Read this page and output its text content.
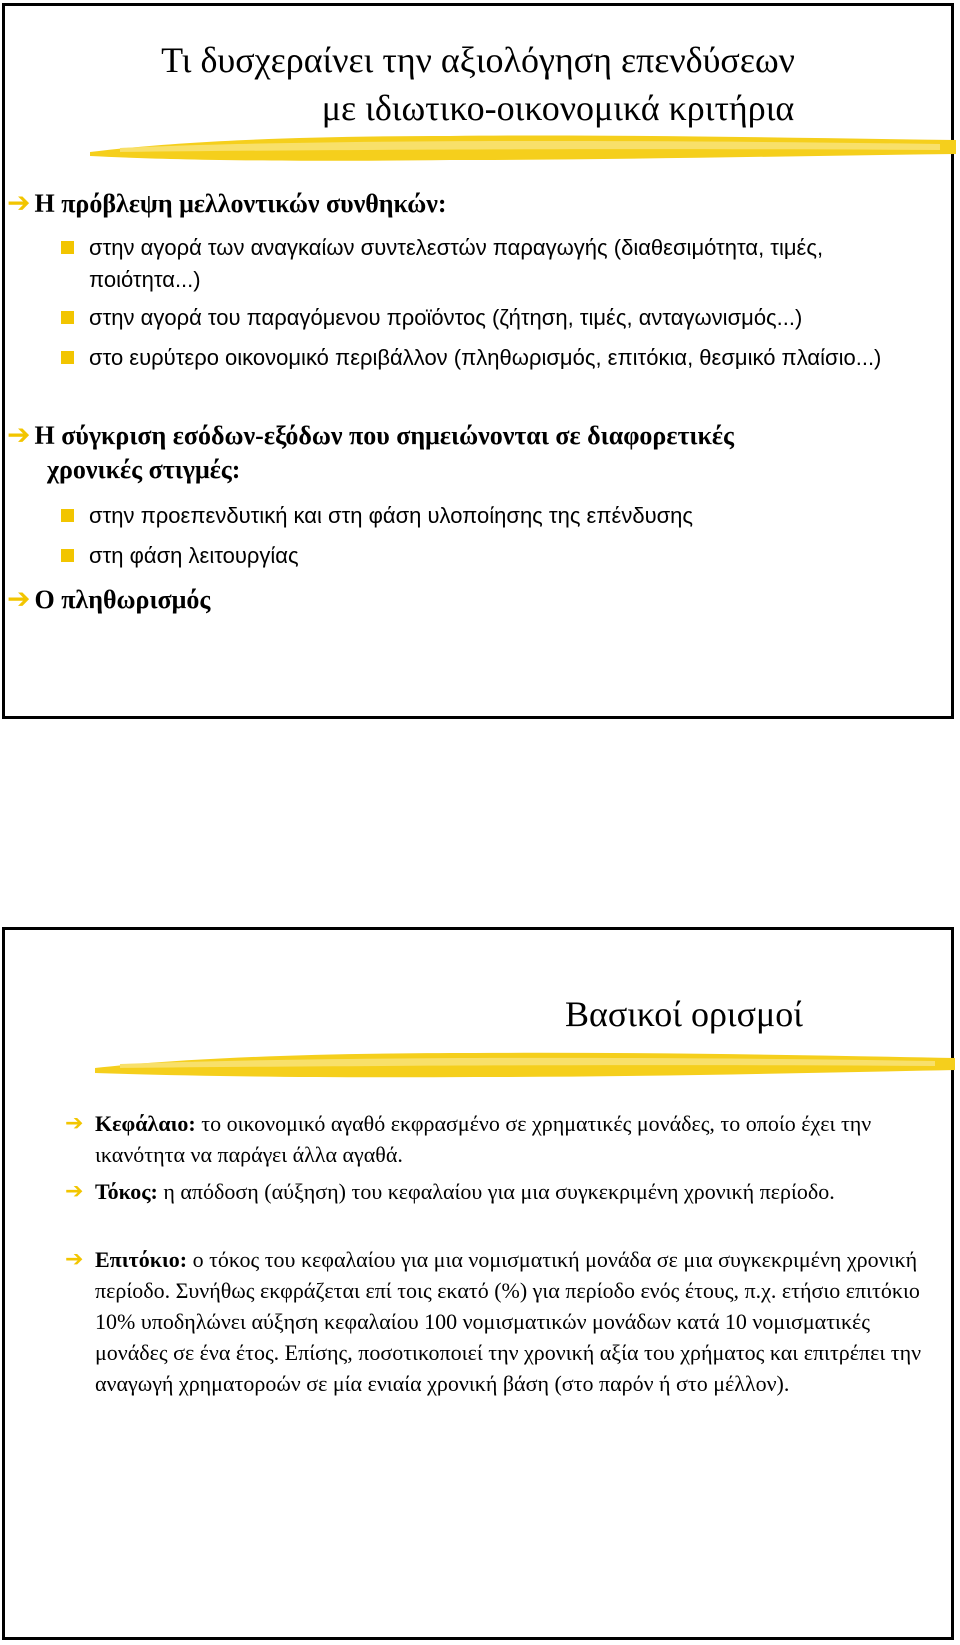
Τι δυσχεραίνει την αξιολόγηση επενδύσεων

με ιδιωτικο-οικονομικά κριτήρια
➔ Η πρόβλεψη μελλοντικών συνθηκών:
στην αγορά των αναγκαίων συντελεστών παραγωγής (διαθεσιμότητα, τιμές, ποιότητα...)
στην αγορά του παραγόμενου προϊόντος (ζήτηση, τιμές, ανταγωνισμός...)
στο ευρύτερο οικονομικό περιβάλλον (πληθωρισμός, επιτόκια, θεσμικό πλαίσιο...)
➔ Η σύγκριση εσόδων-εξόδων που σημειώνονται σε διαφορετικές
χρονικές στιγμές:
στην προεπενδυτική και στη φάση υλοποίησης της επένδυσης
στη φάση λειτουργίας
➔ Ο πληθωρισμός
Βασικοί ορισμοί
➔ Κεφάλαιο: το οικονομικό αγαθό εκφρασμένο σε χρηματικές μονάδες, το οποίο έχει την ικανότητα να παράγει άλλα αγαθά.
➔ Τόκος: η απόδοση (αύξηση) του κεφαλαίου για μια συγκεκριμένη χρονική περίοδο.
➔ Επιτόκιο: ο τόκος του κεφαλαίου για μια νομισματική μονάδα σε μια συγκεκριμένη χρονική περίοδο. Συνήθως εκφράζεται επί τοις εκατό (%) για περίοδο ενός έτους, π.χ. ετήσιο επιτόκιο 10% υποδηλώνει αύξηση κεφαλαίου 100 νομισματικών μονάδων κατά 10 νομισματικές μονάδες σε ένα έτος. Επίσης, ποσοτικοποιεί την χρονική αξία του χρήματος και επιτρέπει την αναγωγή χρηματοροών σε μία ενιαία χρονική βάση (στο παρόν ή στο μέλλον).
